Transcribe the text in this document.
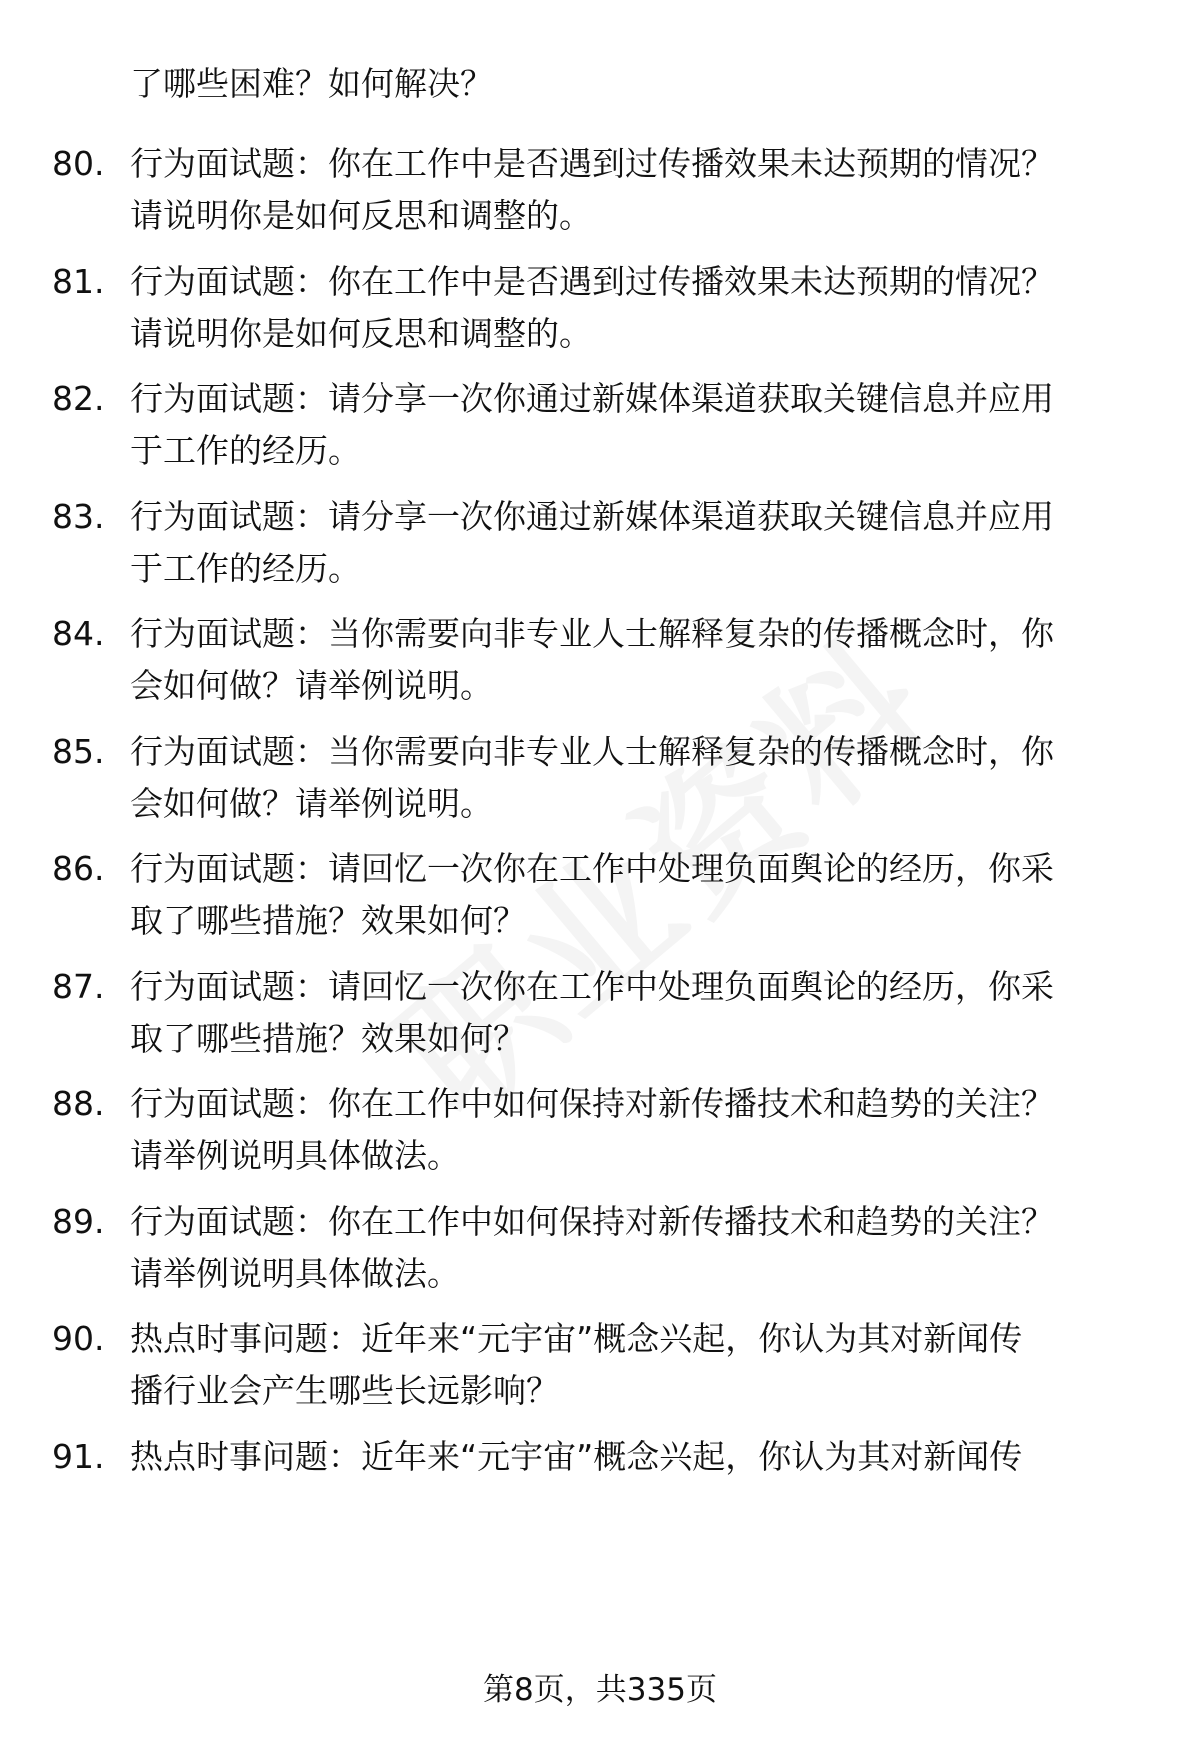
了哪些困难？如何解决？
80. 行为面试题：你在工作中是否遇到过传播效果未达预期的情况？
请说明你是如何反思和调整的。
81. 行为面试题：你在工作中是否遇到过传播效果未达预期的情况？
请说明你是如何反思和调整的。
82. 行为面试题：请分享一次你通过新媒体渠道获取关键信息并应用
于工作的经历。
83. 行为面试题：请分享一次你通过新媒体渠道获取关键信息并应用
于工作的经历。
84. 行为面试题：当你需要向非专业人士解释复杂的传播概念时，你
会如何做？请举例说明。
85. 行为面试题：当你需要向非专业人士解释复杂的传播概念时，你
会如何做？请举例说明。
86. 行为面试题：请回忆一次你在工作中处理负面舆论的经历，你采
取了哪些措施？效果如何？
87. 行为面试题：请回忆一次你在工作中处理负面舆论的经历，你采
取了哪些措施？效果如何？
88. 行为面试题：你在工作中如何保持对新传播技术和趋势的关注？
请举例说明具体做法。
89. 行为面试题：你在工作中如何保持对新传播技术和趋势的关注？
请举例说明具体做法。
90. 热点时事问题：近年来“元宇宙”概念兴起，你认为其对新闻传
播行业会产生哪些长远影响？
91. 热点时事问题：近年来“元宇宙”概念兴起，你认为其对新闻传
第8页，共335页
